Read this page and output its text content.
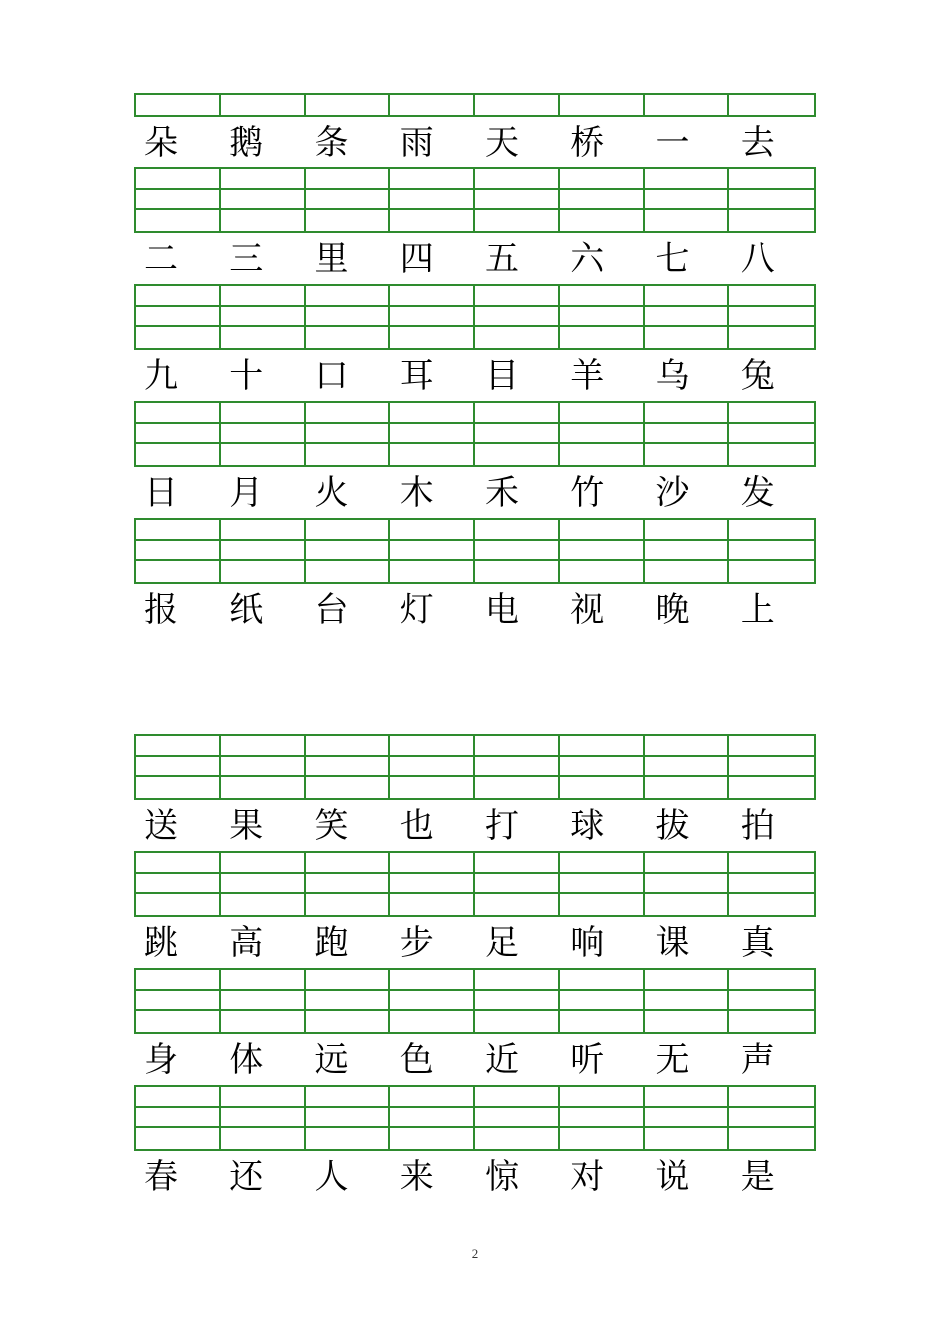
朵	鹅	条	雨	天	桥	一	去
二	三	里	四	五	六	七	八
九	十	口	耳	目	羊	乌	兔
日	月	火	木	禾	竹	沙	发
报	纸	台	灯	电	视	晚	上
送	果	笑	也	打	球	拔	拍
跳	高	跑	步	足	响	课	真
身	体	远	色	近	听	无	声
春	还	人	来	惊	对	说	是
2
